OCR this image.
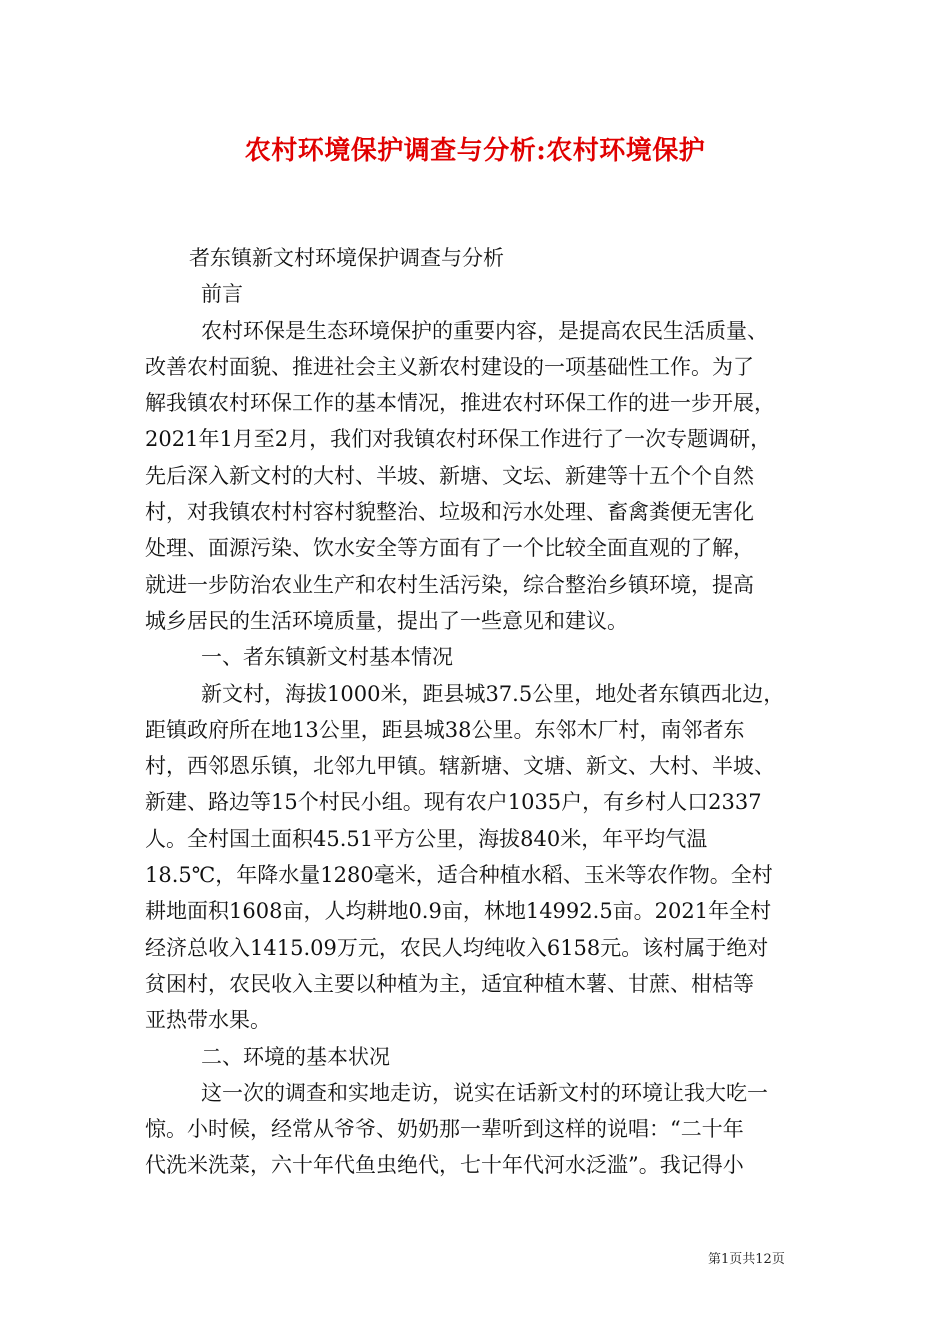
农村环境保护调查与分析:农村环境保护
者东镇新文村环境保护调查与分析
前言
农村环保是生态环境保护的重要内容，是提高农民生活质量、
改善农村面貌、推进社会主义新农村建设的一项基础性工作。为了
解我镇农村环保工作的基本情况，推进农村环保工作的进一步开展，
2021年1月至2月，我们对我镇农村环保工作进行了一次专题调研，
先后深入新文村的大村、半坡、新塘、文坛、新建等十五个个自然
村，对我镇农村村容村貌整治、垃圾和污水处理、畜禽粪便无害化
处理、面源污染、饮水安全等方面有了一个比较全面直观的了解，
就进一步防治农业生产和农村生活污染，综合整治乡镇环境，提高
城乡居民的生活环境质量，提出了一些意见和建议。
一、者东镇新文村基本情况
新文村，海拔1000米，距县城37.5公里，地处者东镇西北边，
距镇政府所在地13公里，距县城38公里。东邻木厂村，南邻者东
村，西邻恩乐镇，北邻九甲镇。辖新塘、文塘、新文、大村、半坡、
新建、路边等15个村民小组。现有农户1035户，有乡村人口2337
人。全村国土面积45.51平方公里，海拔840米，年平均气温
18.5℃，年降水量1280毫米，适合种植水稻、玉米等农作物。全村
耕地面积1608亩，人均耕地0.9亩，林地14992.5亩。2021年全村
经济总收入1415.09万元，农民人均纯收入6158元。该村属于绝对
贫困村，农民收入主要以种植为主，适宜种植木薯、甘蔗、柑桔等
亚热带水果。
二、环境的基本状况
这一次的调查和实地走访，说实在话新文村的环境让我大吃一
惊。小时候，经常从爷爷、奶奶那一辈听到这样的说唱：“二十年
代洗米洗菜，六十年代鱼虫绝代，七十年代河水泛滥”。我记得小
第1页共12页
